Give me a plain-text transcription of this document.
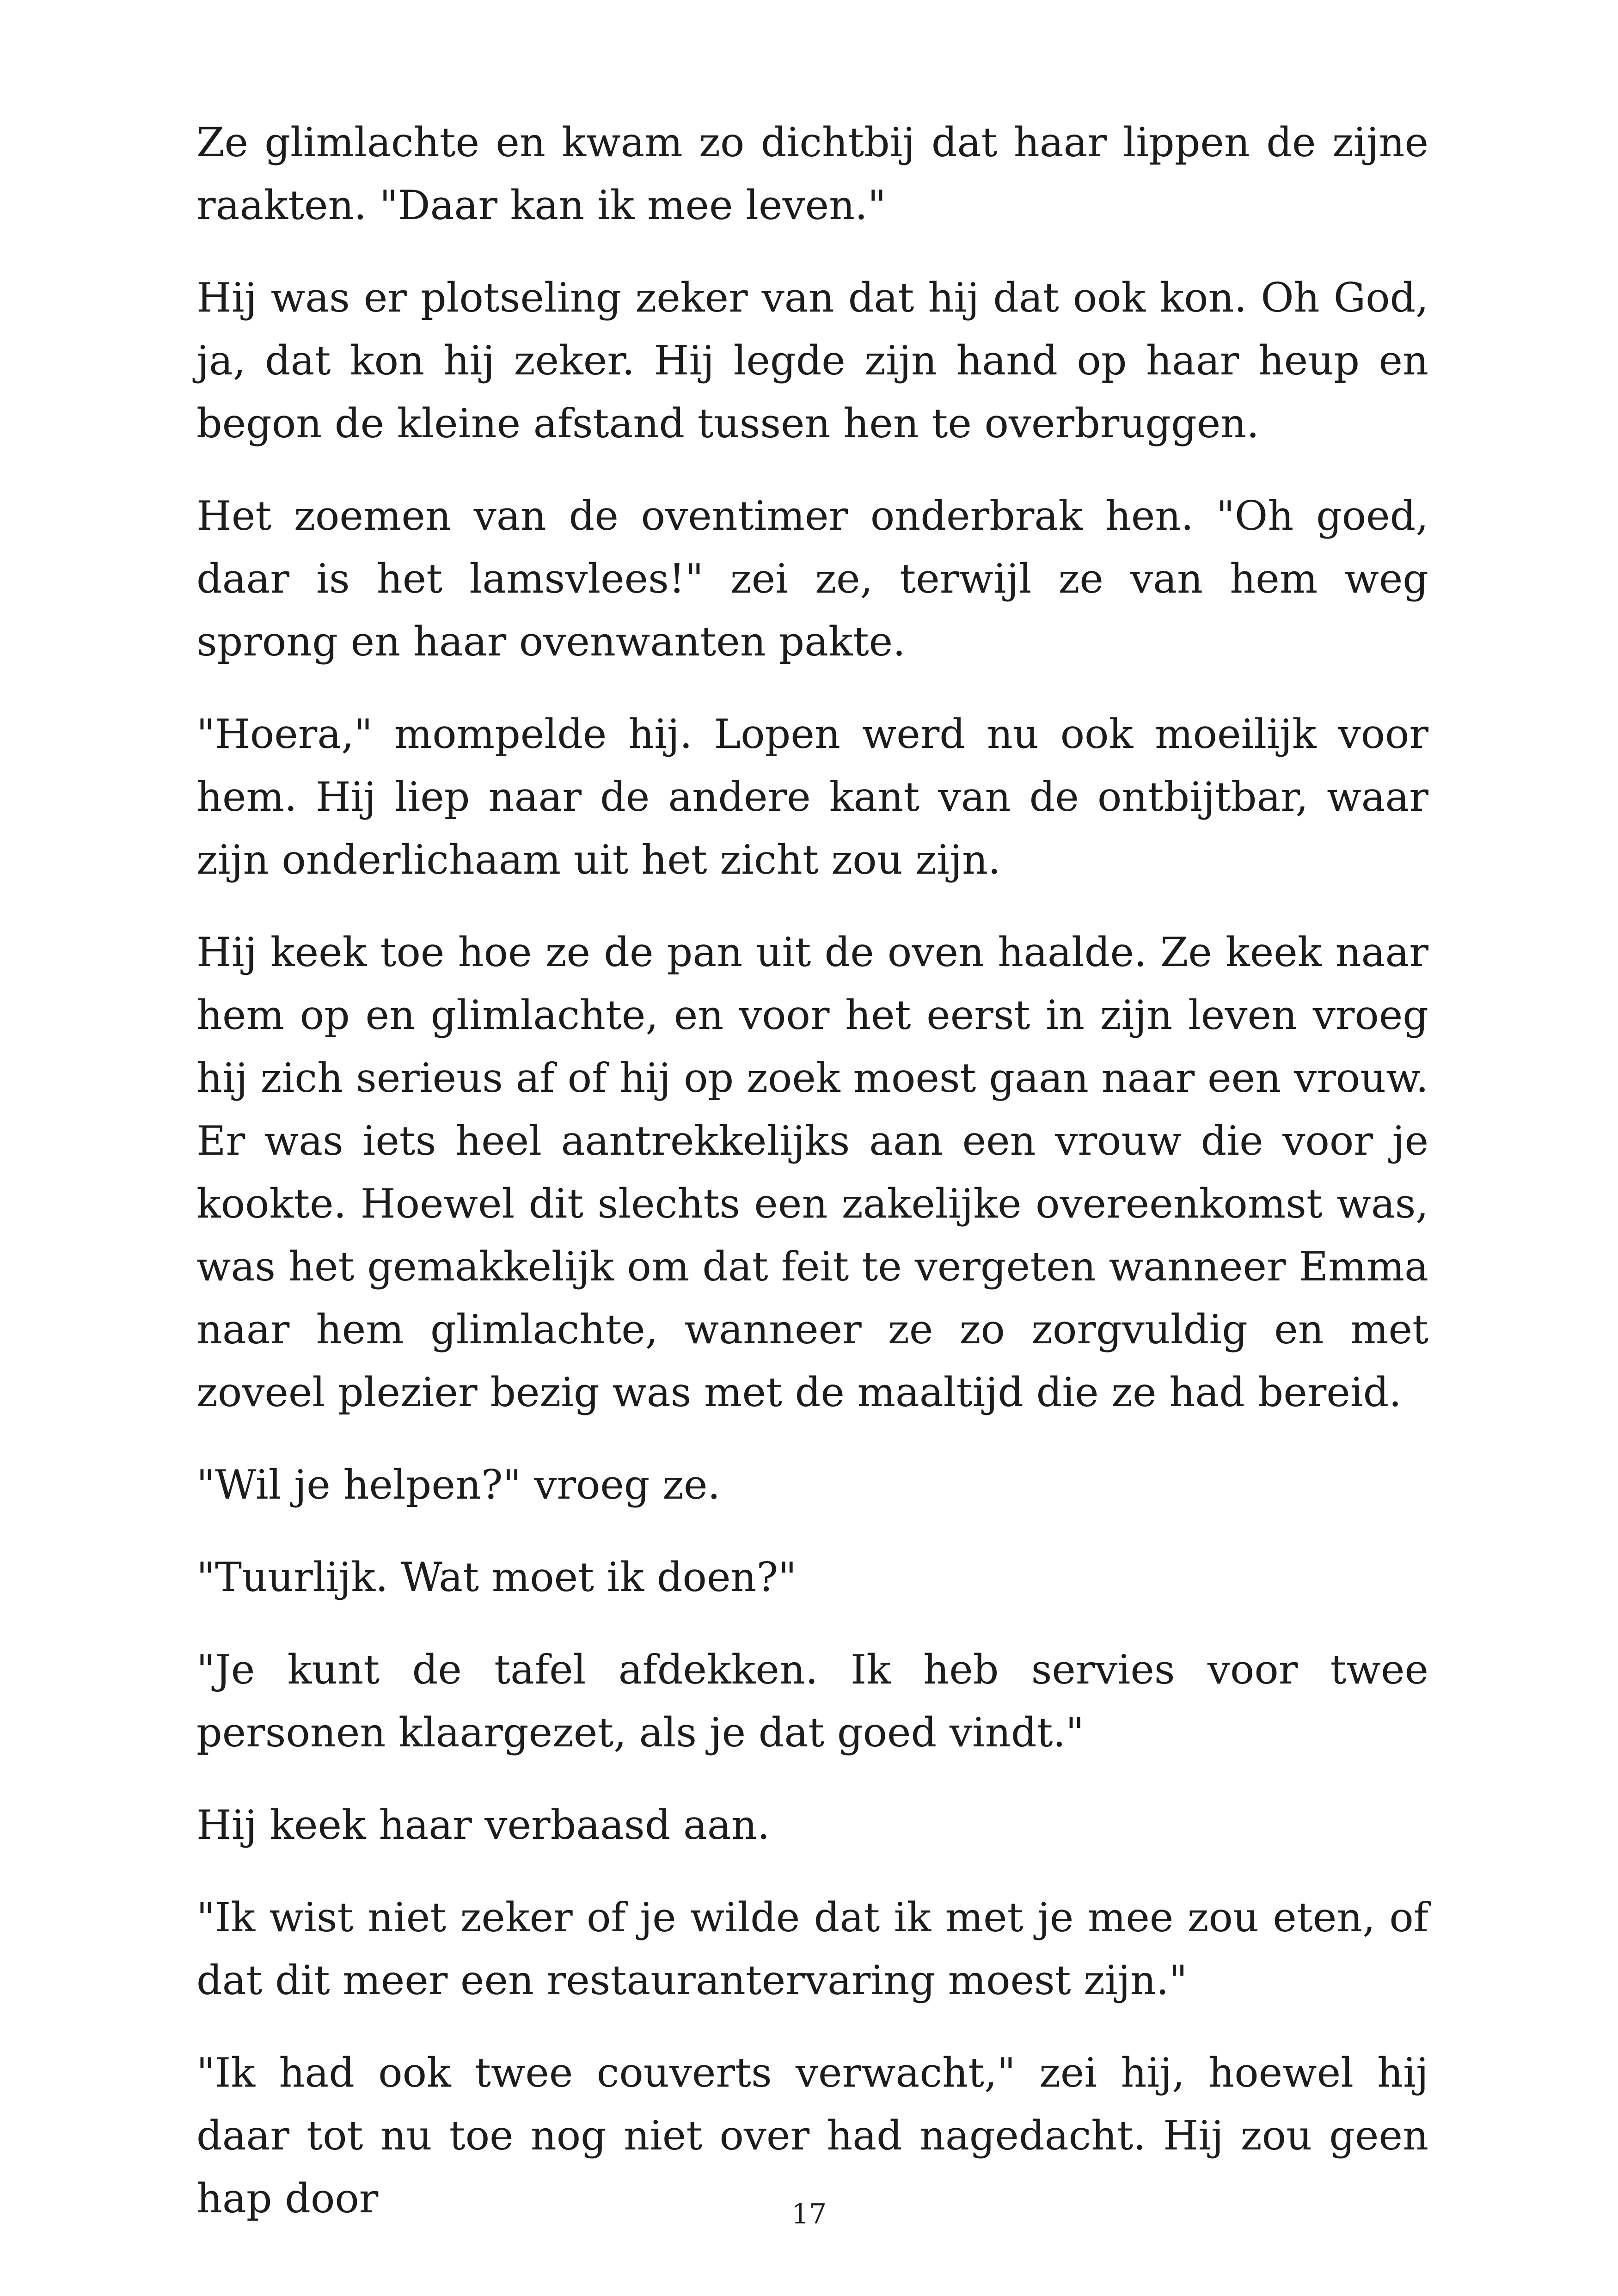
Ze glimlachte en kwam zo dichtbij dat haar lippen de zijne raakten. "Daar kan ik mee leven."

Hij was er plotseling zeker van dat hij dat ook kon. Oh God, ja, dat kon hij zeker. Hij legde zijn hand op haar heup en begon de kleine afstand tussen hen te overbruggen.

Het zoemen van de oventimer onderbrak hen. "Oh goed, daar is het lamsvlees!" zei ze, terwijl ze van hem weg sprong en haar ovenwanten pakte.

"Hoera," mompelde hij. Lopen werd nu ook moeilijk voor hem. Hij liep naar de andere kant van de ontbijtbar, waar zijn onderlichaam uit het zicht zou zijn.

Hij keek toe hoe ze de pan uit de oven haalde. Ze keek naar hem op en glimlachte, en voor het eerst in zijn leven vroeg hij zich serieus af of hij op zoek moest gaan naar een vrouw. Er was iets heel aantrekkelijks aan een vrouw die voor je kookte. Hoewel dit slechts een zakelijke overeenkomst was, was het gemakkelijk om dat feit te vergeten wanneer Emma naar hem glimlachte, wanneer ze zo zorgvuldig en met zoveel plezier bezig was met de maaltijd die ze had bereid.

"Wil je helpen?" vroeg ze.

"Tuurlijk. Wat moet ik doen?"

"Je kunt de tafel afdekken. Ik heb servies voor twee personen klaargezet, als je dat goed vindt."

Hij keek haar verbaasd aan.

"Ik wist niet zeker of je wilde dat ik met je mee zou eten, of dat dit meer een restaurantervaring moest zijn."

"Ik had ook twee couverts verwacht," zei hij, hoewel hij daar tot nu toe nog niet over had nagedacht. Hij zou geen hap door	17
